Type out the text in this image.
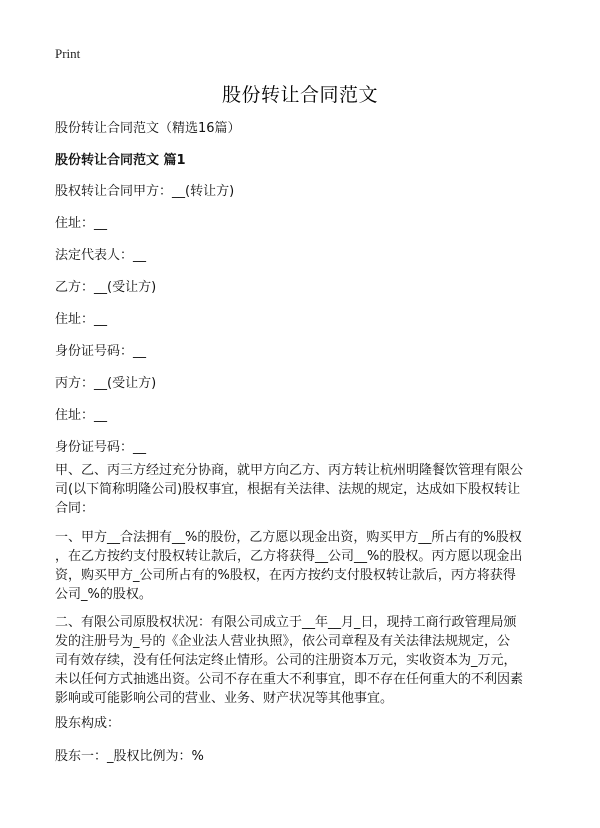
Print
股份转让合同范文
股份转让合同范文（精选16篇）
股份转让合同范文 篇1
股权转让合同甲方：__(转让方)
住址：__
法定代表人：__
乙方：__(受让方)
住址：__
身份证号码：__
丙方：__(受让方)
住址：__
身份证号码：__
甲、乙、丙三方经过充分协商，就甲方向乙方、丙方转让杭州明隆餐饮管理有限公
司(以下简称明隆公司)股权事宜，根据有关法律、法规的规定，达成如下股权转让
合同：
一、甲方__合法拥有__%的股份，乙方愿以现金出资，购买甲方__所占有的%股权
，在乙方按约支付股权转让款后，乙方将获得__公司__%的股权。丙方愿以现金出
资，购买甲方_公司所占有的%股权，在丙方按约支付股权转让款后，丙方将获得
公司_%的股权。
二、有限公司原股权状况：有限公司成立于__年__月_日，现持工商行政管理局颁
发的注册号为_号的《企业法人营业执照》，依公司章程及有关法律法规规定，公
司有效存续，没有任何法定终止情形。公司的注册资本万元，实收资本为_万元，
未以任何方式抽逃出资。公司不存在重大不利事宜，即不存在任何重大的不利因素
影响或可能影响公司的营业、业务、财产状况等其他事宜。
股东构成：
股东一：_股权比例为：%
